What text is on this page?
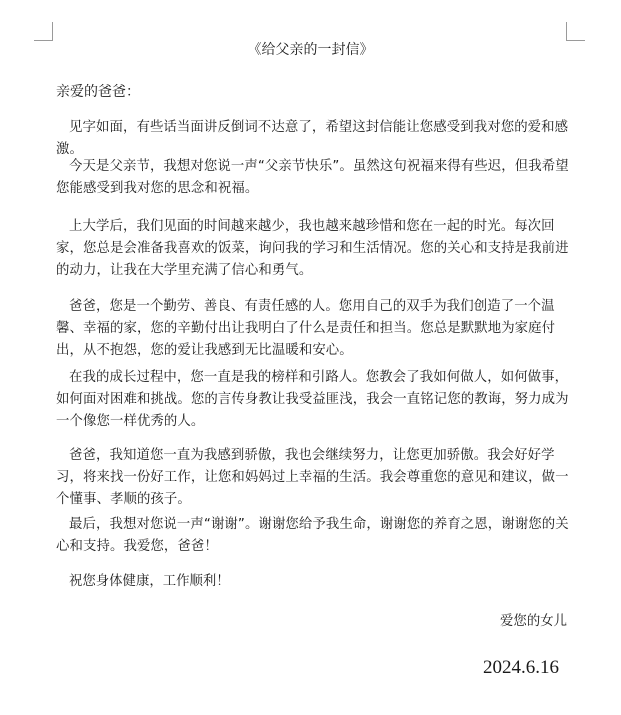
《给父亲的一封信》
亲爱的爸爸：

见字如面，有些话当面讲反倒词不达意了，希望这封信能让您感受到我对您的爱和感激。

今天是父亲节，我想对您说一声“父亲节快乐”。虽然这句祝福来得有些迟，但我希望您能感受到我对您的思念和祝福。

上大学后，我们见面的时间越来越少，我也越来越珍惜和您在一起的时光。每次回家，您总是会准备我喜欢的饭菜，询问我的学习和生活情况。您的关心和支持是我前进的动力，让我在大学里充满了信心和勇气。

爸爸，您是一个勤劳、善良、有责任感的人。您用自己的双手为我们创造了一个温馨、幸福的家，您的辛勤付出让我明白了什么是责任和担当。您总是默默地为家庭付出，从不抱怨，您的爱让我感到无比温暖和安心。

在我的成长过程中，您一直是我的榜样和引路人。您教会了我如何做人，如何做事，如何面对困难和挑战。您的言传身教让我受益匪浅，我会一直铭记您的教诲，努力成为一个像您一样优秀的人。

爸爸，我知道您一直为我感到骄傲，我也会继续努力，让您更加骄傲。我会好好学习，将来找一份好工作，让您和妈妈过上幸福的生活。我会尊重您的意见和建议，做一个懂事、孝顺的孩子。

最后，我想对您说一声“谢谢”。谢谢您给予我生命，谢谢您的养育之恩，谢谢您的关心和支持。我爱您，爸爸！

祝您身体健康，工作顺利！
爱您的女儿
2024.6.16
